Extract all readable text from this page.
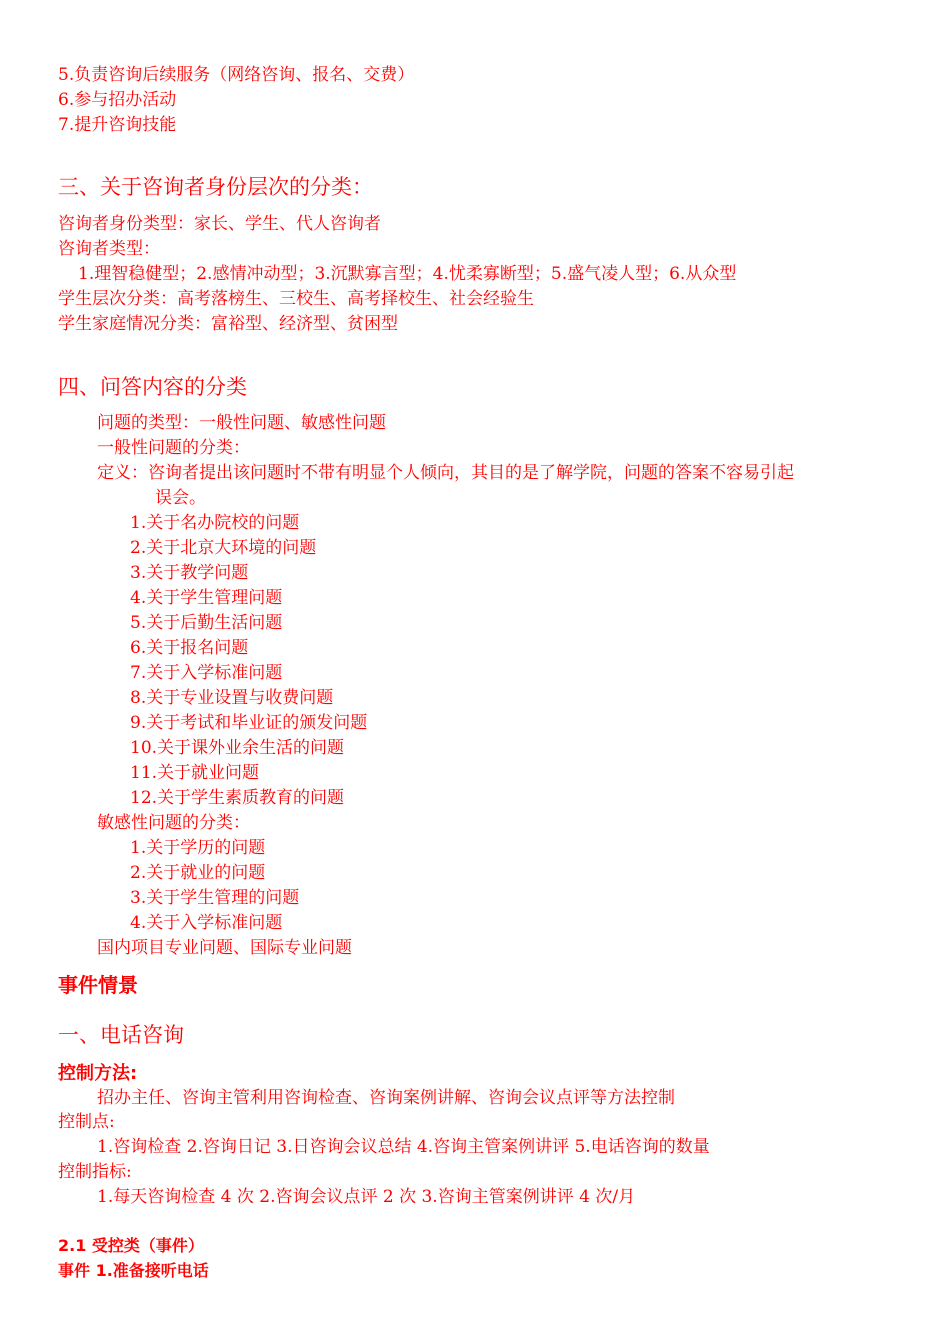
5.负责咨询后续服务（网络咨询、报名、交费）
6.参与招办活动
7.提升咨询技能
三、关于咨询者身份层次的分类：
咨询者身份类型：家长、学生、代人咨询者
咨询者类型：
1.理智稳健型；2.感情冲动型；3.沉默寡言型；4.忧柔寡断型；5.盛气凌人型；6.从众型
学生层次分类：高考落榜生、三校生、高考择校生、社会经验生
学生家庭情况分类：富裕型、经济型、贫困型
四、问答内容的分类
问题的类型：一般性问题、敏感性问题
一般性问题的分类：
定义：咨询者提出该问题时不带有明显个人倾向，其目的是了解学院，问题的答案不容易引起
误会。
1.关于名办院校的问题
2.关于北京大环境的问题
3.关于教学问题
4.关于学生管理问题
5.关于后勤生活问题
6.关于报名问题
7.关于入学标准问题
8.关于专业设置与收费问题
9.关于考试和毕业证的颁发问题
10.关于课外业余生活的问题
11.关于就业问题
12.关于学生素质教育的问题
敏感性问题的分类：
1.关于学历的问题
2.关于就业的问题
3.关于学生管理的问题
4.关于入学标准问题
国内项目专业问题、国际专业问题
事件情景
一、电话咨询
控制方法:
招办主任、咨询主管利用咨询检查、咨询案例讲解、咨询会议点评等方法控制
控制点:
1.咨询检查 2.咨询日记 3.日咨询会议总结 4.咨询主管案例讲评 5.电话咨询的数量
控制指标:
1.每天咨询检查 4 次 2.咨询会议点评 2 次 3.咨询主管案例讲评 4 次/月
2.1 受控类（事件）
事件 1.准备接听电话
